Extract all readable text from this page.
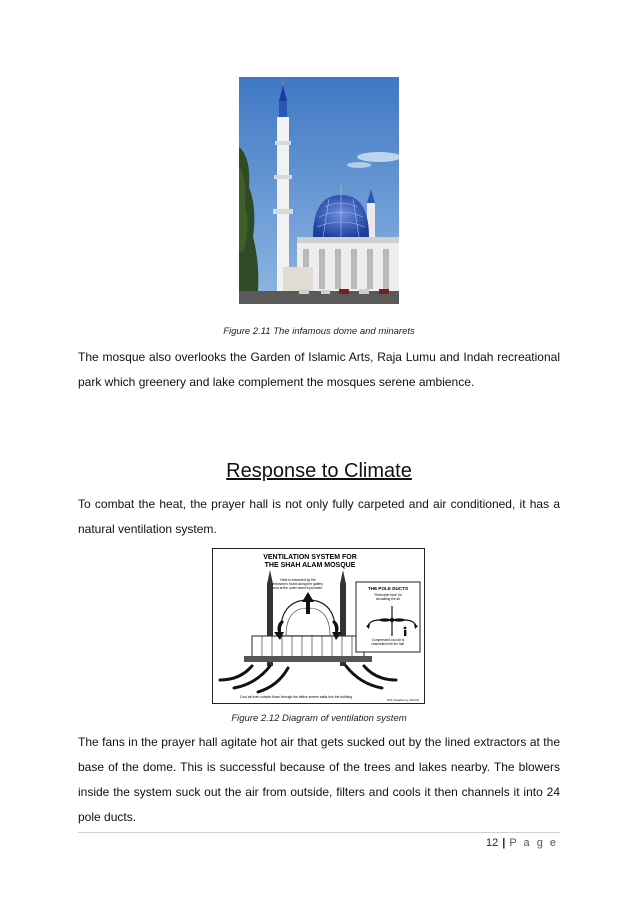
Figure 2.11 The infamous dome and minarets

The mosque also overlooks the Garden of Islamic Arts, Raja Lumu and Indah recreational park which greenery and lake complement the mosques serene ambience.

Response to Climate

To combat the heat, the prayer hall is not only fully carpeted and air conditioned, it has a natural ventilation system.

VENTILATION SYSTEM FOR
THE SHAH ALAM MOSQUE
Heat is extracted by the
extractors found along the gallery
and at the outer dome's pinnacle.	THE POLE DUCTS
"Helicopter fans" for
circulating the air
Compressed cool air is
channelled into the hall.
Cool air from outside flows through the lattice screen walls into the building
NST Graphics by CHUAH
Figure 2.12 Diagram of ventilation system

The fans in the prayer hall agitate hot air that gets sucked out by the lined extractors at the base of the dome. This is successful because of the trees and lakes nearby. The blowers inside the system suck out the air from outside, filters and cools it then channels it into 24 pole ducts.

12 | P a g e
